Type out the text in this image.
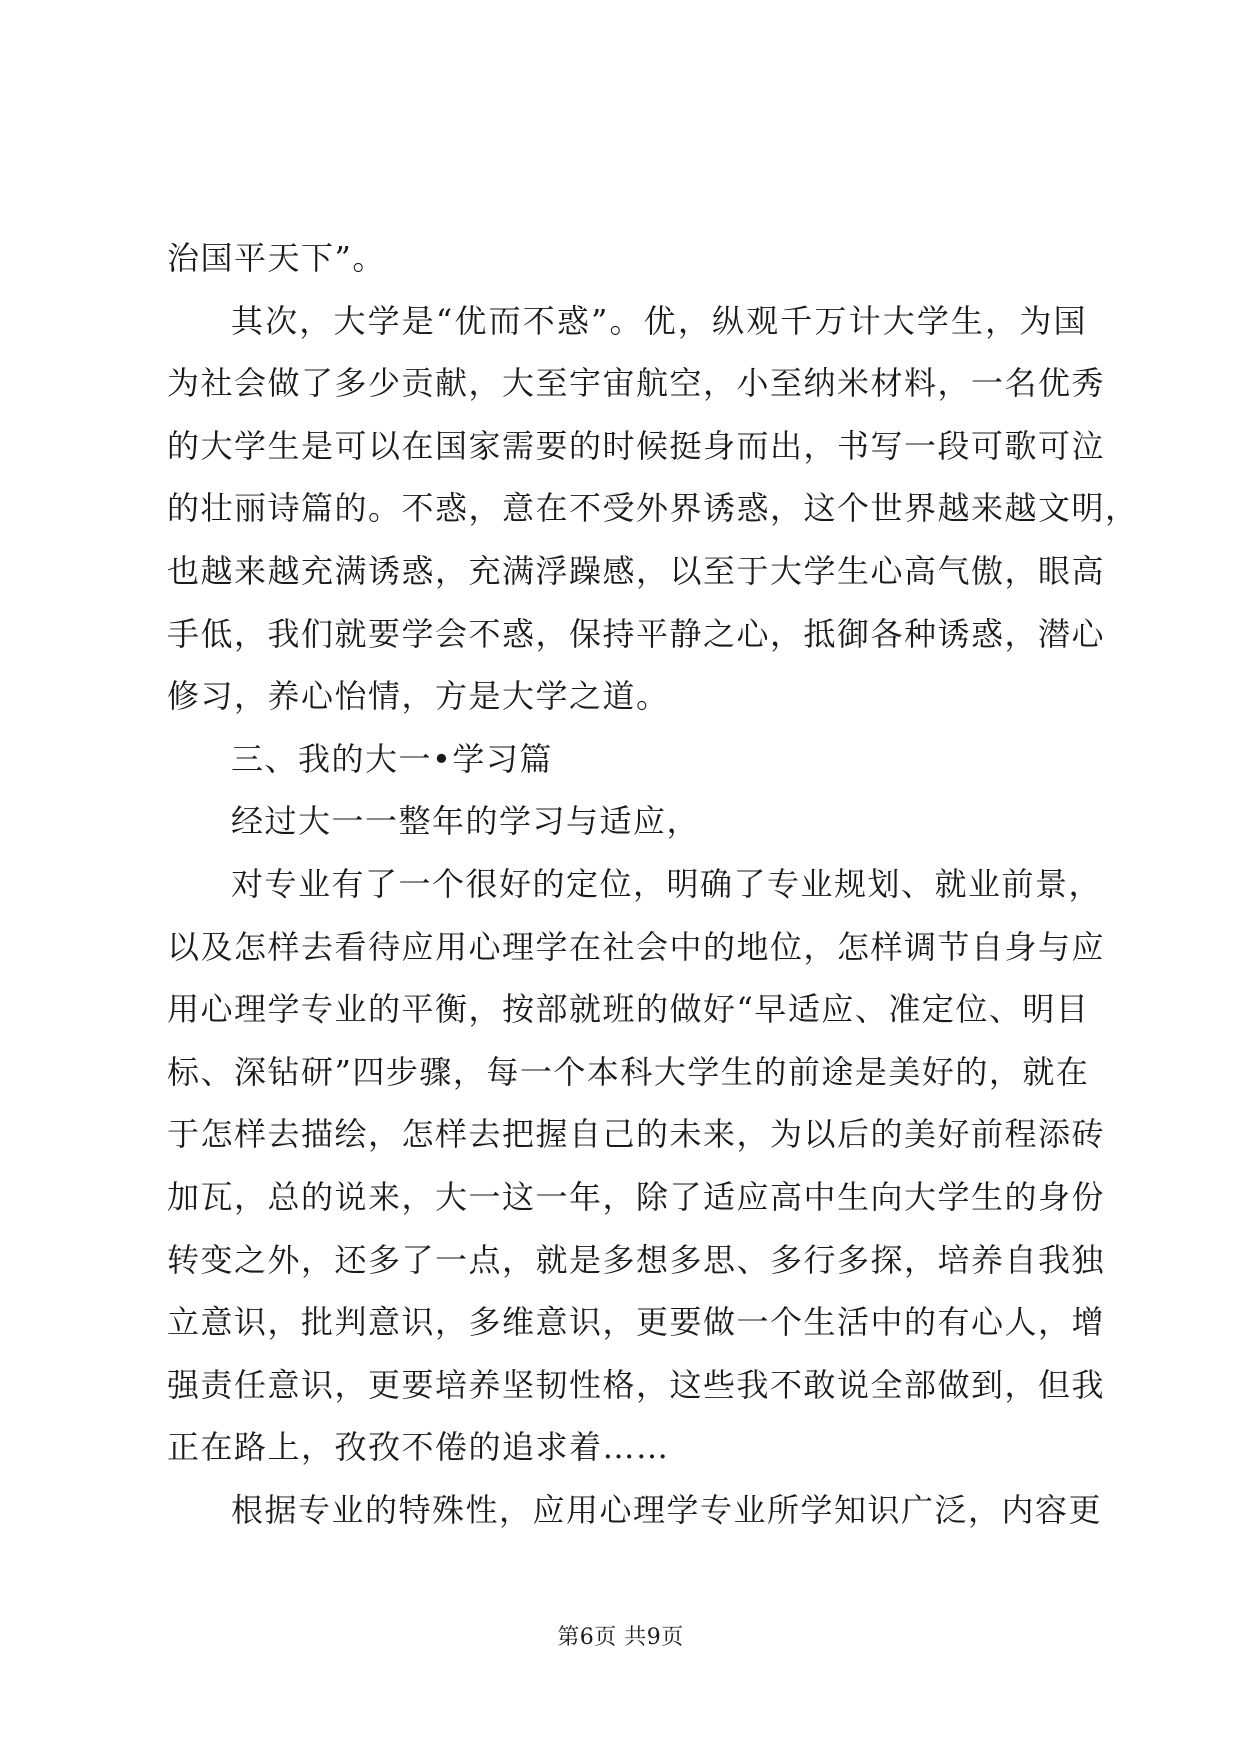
治国平天下”。
其次，大学是“优而不惑”。优，纵观千万计大学生，为国
为社会做了多少贡献，大至宇宙航空，小至纳米材料，一名优秀
的大学生是可以在国家需要的时候挺身而出，书写一段可歌可泣
的壮丽诗篇的。不惑，意在不受外界诱惑，这个世界越来越文明，
也越来越充满诱惑，充满浮躁感，以至于大学生心高气傲，眼高
手低，我们就要学会不惑，保持平静之心，抵御各种诱惑，潜心
修习，养心怡情，方是大学之道。
三、我的大一•学习篇
经过大一一整年的学习与适应，
对专业有了一个很好的定位，明确了专业规划、就业前景，
以及怎样去看待应用心理学在社会中的地位，怎样调节自身与应
用心理学专业的平衡，按部就班的做好“早适应、准定位、明目
标、深钻研”四步骤，每一个本科大学生的前途是美好的，就在
于怎样去描绘，怎样去把握自己的未来，为以后的美好前程添砖
加瓦，总的说来，大一这一年，除了适应高中生向大学生的身份
转变之外，还多了一点，就是多想多思、多行多探，培养自我独
立意识，批判意识，多维意识，更要做一个生活中的有心人，增
强责任意识，更要培养坚韧性格，这些我不敢说全部做到，但我
正在路上，孜孜不倦的追求着……
根据专业的特殊性，应用心理学专业所学知识广泛，内容更
第6页 共9页
